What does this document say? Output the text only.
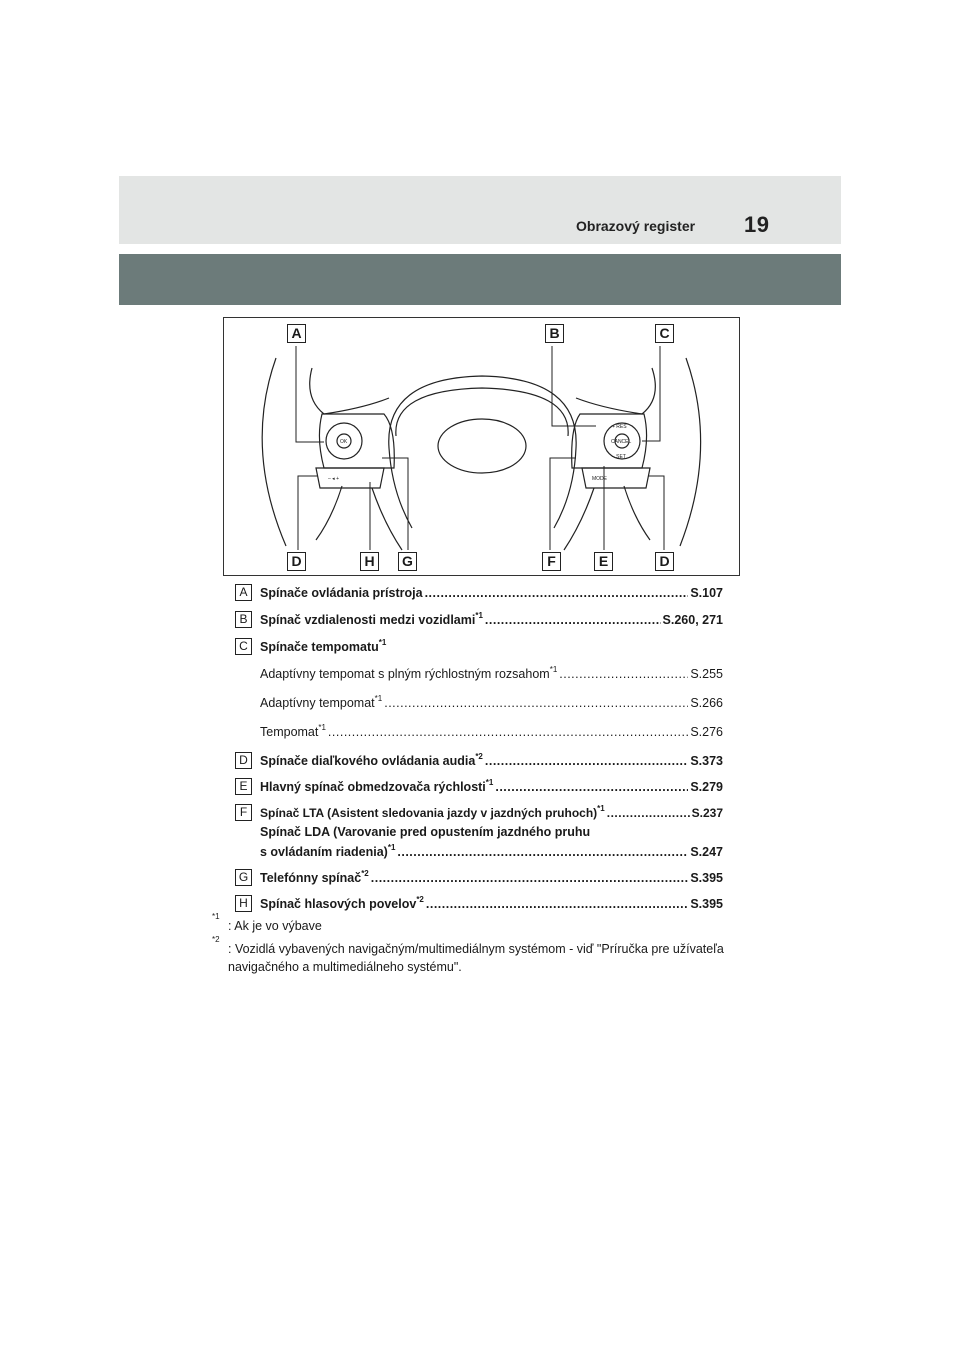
Obrazový register 19
OK
+ RES
CANCEL
– SET
MODE
– ◂ +
A	B	C
D	H	G	F	E	D
A	Spínače ovládania prístroja .....	S.107
B	Spínač vzdialenosti medzi vozidlami$^{*1}$ .....	S.260, 271
C Spínače tempomatu$^{*1}$
Adaptívny tempomat s plným rýchlostným rozsahom$^{*1}$ .....	S.255
Adaptívny tempomat$^{*1}$ .....	S.266
Tempomat$^{*1}$ .....	S.276
D Spínače diaľkového ovládania audia$^{*2}$ .....	S.373
E	Hlavný spínač obmedzovača rýchlosti$^{*1}$ .....	S.279
F	Spínač LTA (Asistent sledovania jazdy v jazdných pruhoch)$^{*1}$ .....	S.237
Spínač LDA (Varovanie pred opustením jazdného pruhu
s ovládaním riadenia)$^{*1}$ .....	S.247
G Telefónny spínač$^{*2}$ .....	S.395
H Spínač hlasových povelov$^{*2}$ .....	S.395
*1
: Ak je vo výbave
*2
: Vozidlá vybavených navigačným/multimediálnym systémom - viď "Príručka pre užívateľa navigačného a multimediálneho systému".
